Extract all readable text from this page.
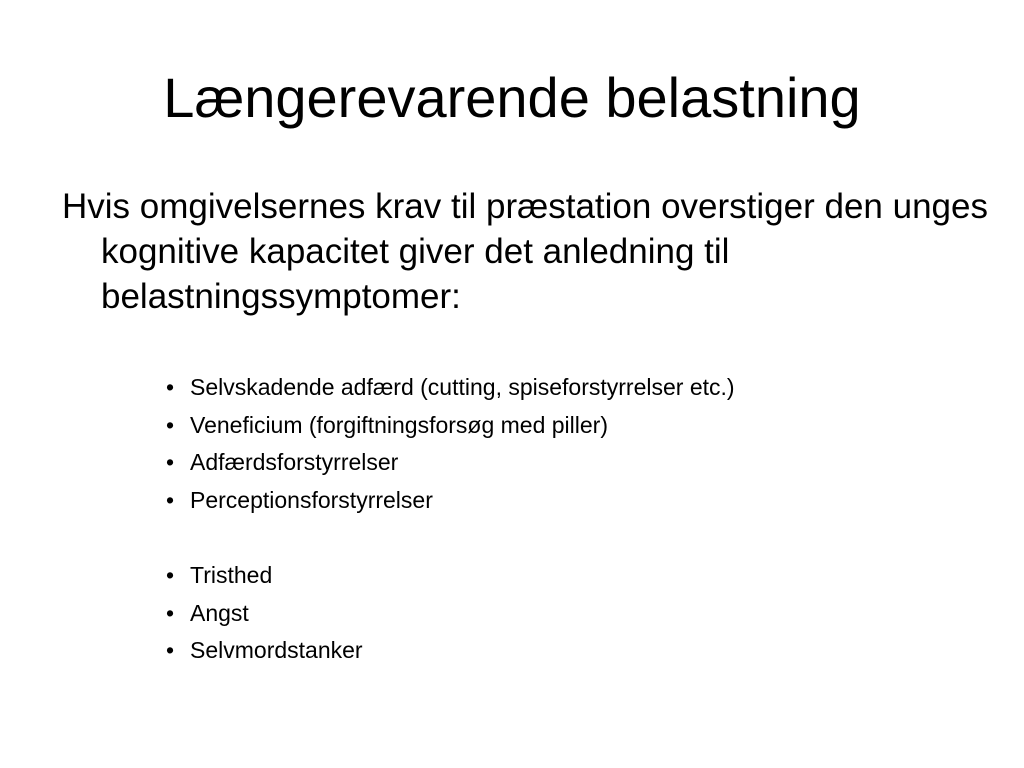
Længerevarende belastning

Hvis omgivelsernes krav til præstation overstiger den unges kognitive kapacitet giver det anledning til belastningssymptomer:

• Selvskadende adfærd (cutting, spiseforstyrrelser etc.)
• Veneficium (forgiftningsforsøg med piller)
• Adfærdsforstyrrelser
• Perceptionsforstyrrelser
• Tristhed
• Angst
• Selvmordstanker
